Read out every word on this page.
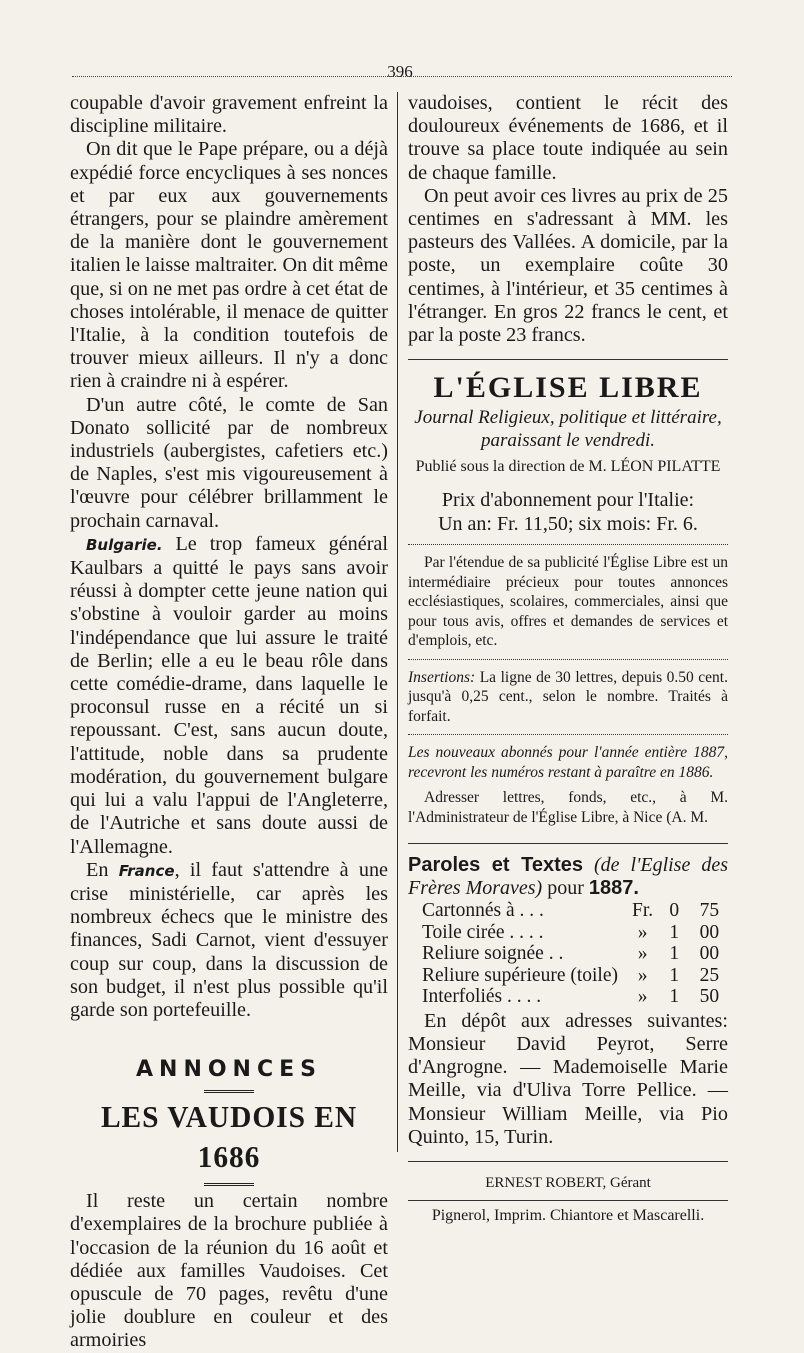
396

coupable d'avoir gravement enfreint la discipline militaire.

On dit que le Pape prépare, ou a déjà expédié force encycliques à ses nonces et par eux aux gouvernements étrangers, pour se plaindre amèrement de la manière dont le gouvernement italien le laisse maltraiter. On dit même que, si on ne met pas ordre à cet état de choses intolérable, il menace de quitter l'Italie, à la condition toutefois de trouver mieux ailleurs. Il n'y a donc rien à craindre ni à espérer.

D'un autre côté, le comte de San Donato sollicité par de nombreux industriels (aubergistes, cafetiers etc.) de Naples, s'est mis vigoureusement à l'œuvre pour célébrer brillamment le prochain carnaval.

Bulgarie. Le trop fameux général Kaulbars a quitté le pays sans avoir réussi à dompter cette jeune nation qui s'obstine à vouloir garder au moins l'indépendance que lui assure le traité de Berlin; elle a eu le beau rôle dans cette comédie-drame, dans laquelle le proconsul russe en a récité un si repoussant. C'est, sans aucun doute, l'attitude, noble dans sa prudente modération, du gouvernement bulgare qui lui a valu l'appui de l'Angleterre, de l'Autriche et sans doute aussi de l'Allemagne.

En France, il faut s'attendre à une crise ministérielle, car après les nombreux échecs que le ministre des finances, Sadi Carnot, vient d'essuyer coup sur coup, dans la discussion de son budget, il n'est plus possible qu'il garde son portefeuille.

ANNONCES
LES VAUDOIS EN 1686

Il reste un certain nombre d'exemplaires de la brochure publiée à l'occasion de la réunion du 16 août et dédiée aux familles Vaudoises. Cet opuscule de 70 pages, revêtu d'une jolie doublure en couleur et des armoiries

vaudoises, contient le récit des douloureux événements de 1686, et il trouve sa place toute indiquée au sein de chaque famille.

On peut avoir ces livres au prix de 25 centimes en s'adressant à MM. les pasteurs des Vallées. A domicile, par la poste, un exemplaire coûte 30 centimes, à l'intérieur, et 35 centimes à l'étranger. En gros 22 francs le cent, et par la poste 23 francs.

L'ÉGLISE LIBRE
Journal Religieux, politique et littéraire,
paraissant le vendredi.
Publié sous la direction de M. LÉON PILATTE
Prix d'abonnement pour l'Italie:
Un an: Fr. 11,50; six mois: Fr. 6.

Par l'étendue de sa publicité l'Église Libre est un intermédiaire précieux pour toutes annonces ecclésiastiques, scolaires, commerciales, ainsi que pour tous avis, offres et demandes de services et d'emplois, etc.

Insertions: La ligne de 30 lettres, depuis 0.50 cent. jusqu'à 0,25 cent., selon le nombre. Traités à forfait.

Les nouveaux abonnés pour l'année entière 1887, recevront les numéros restant à paraître en 1886.

Adresser lettres, fonds, etc., à M. l'Administrateur de l'Église Libre, à Nice (A. M.

Paroles et Textes (de l'Eglise des Frères Moraves) pour 1887.

Cartonnés à . . .	Fr.	0	75
Toile cirée . . . .	»	1	00
Reliure soignée . .	»	1	00
Reliure supérieure (toile)	»	1	25
Interfoliés . . . .	»	1	50

En dépôt aux adresses suivantes: Monsieur David Peyrot, Serre d'Angrogne. — Mademoiselle Marie Meille, via d'Uliva Torre Pellice. — Monsieur William Meille, via Pio Quinto, 15, Turin.

ERNEST ROBERT, Gérant
Pignerol, Imprim. Chiantore et Mascarelli.
